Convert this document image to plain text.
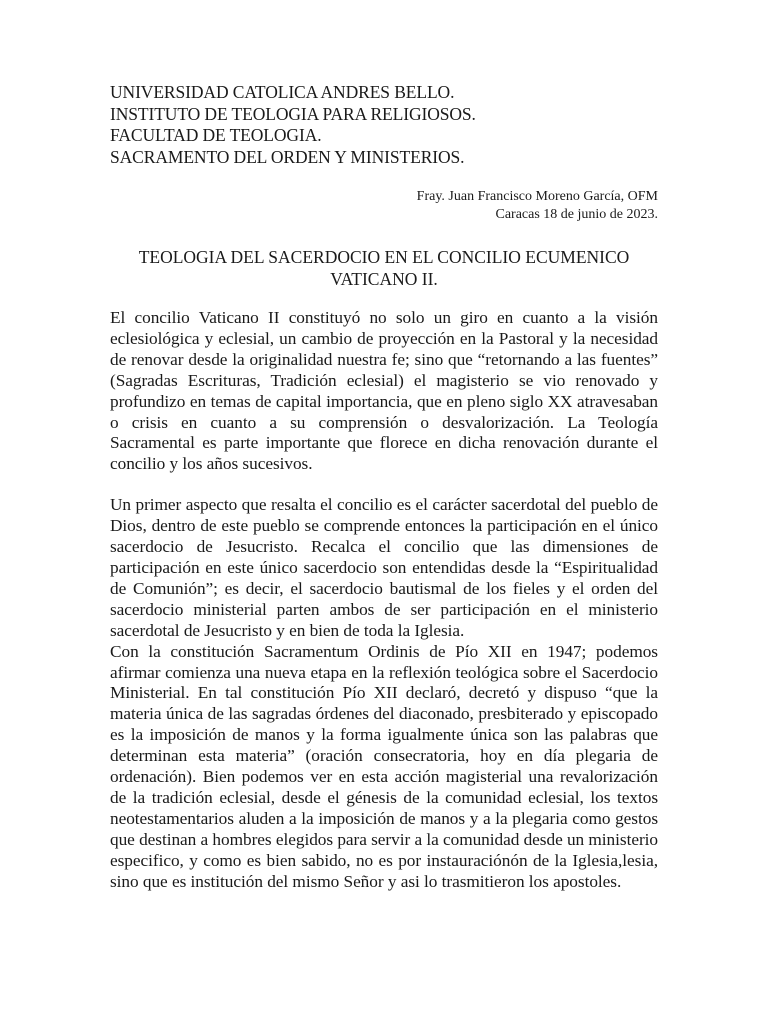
UNIVERSIDAD CATOLICA ANDRES BELLO.

INSTITUTO DE TEOLOGIA PARA RELIGIOSOS.

FACULTAD DE TEOLOGIA.

SACRAMENTO DEL ORDEN Y MINISTERIOS.

Fray. Juan Francisco Moreno García, OFM
Caracas 18 de junio de 2023.
TEOLOGIA DEL SACERDOCIO EN EL CONCILIO ECUMENICO VATICANO II.

El concilio Vaticano II constituyó no solo un giro en cuanto a la visión eclesiológica y eclesial, un cambio de proyección en la Pastoral y la necesidad de renovar desde la originalidad nuestra fe; sino que “retornando a las fuentes” (Sagradas Escrituras, Tradición eclesial) el magisterio se vio renovado y profundizo en temas de capital importancia, que en pleno siglo XX atravesaban o crisis en cuanto a su comprensión o desvalorización. La Teología Sacramental es parte importante que florece en dicha renovación durante el concilio y los años sucesivos.

Un primer aspecto que resalta el concilio es el carácter sacerdotal del pueblo de Dios, dentro de este pueblo se comprende entonces la participación en el único sacerdocio de Jesucristo. Recalca el concilio que las dimensiones de participación en este único sacerdocio son entendidas desde la “Espiritualidad de Comunión”; es decir, el sacerdocio bautismal de los fieles y el orden del sacerdocio ministerial parten ambos de ser participación en el ministerio sacerdotal de Jesucristo y en bien de toda la Iglesia.

Con la constitución Sacramentum Ordinis de Pío XII en 1947; podemos afirmar comienza una nueva etapa en la reflexión teológica sobre el Sacerdocio Ministerial. En tal constitución Pío XII declaró, decretó y dispuso “que la materia única de las sagradas órdenes del diaconado, presbiterado y episcopado es la imposición de manos y la forma igualmente única son las palabras que determinan esta materia” (oración consecratoria, hoy en día plegaria de ordenación). Bien podemos ver en esta acción magisterial una revalorización de la tradición eclesial, desde el génesis de la comunidad eclesial, los textos neotestamentarios aluden a la imposición de manos y a la plegaria como gestos que destinan a hombres elegidos para servir a la comunidad desde un ministerio especifico, y como es bien sabido, no es por instauraciónón de la Iglesia,lesia, sino que es institución del mismo Señor y asi lo trasmitieron los apostoles.
